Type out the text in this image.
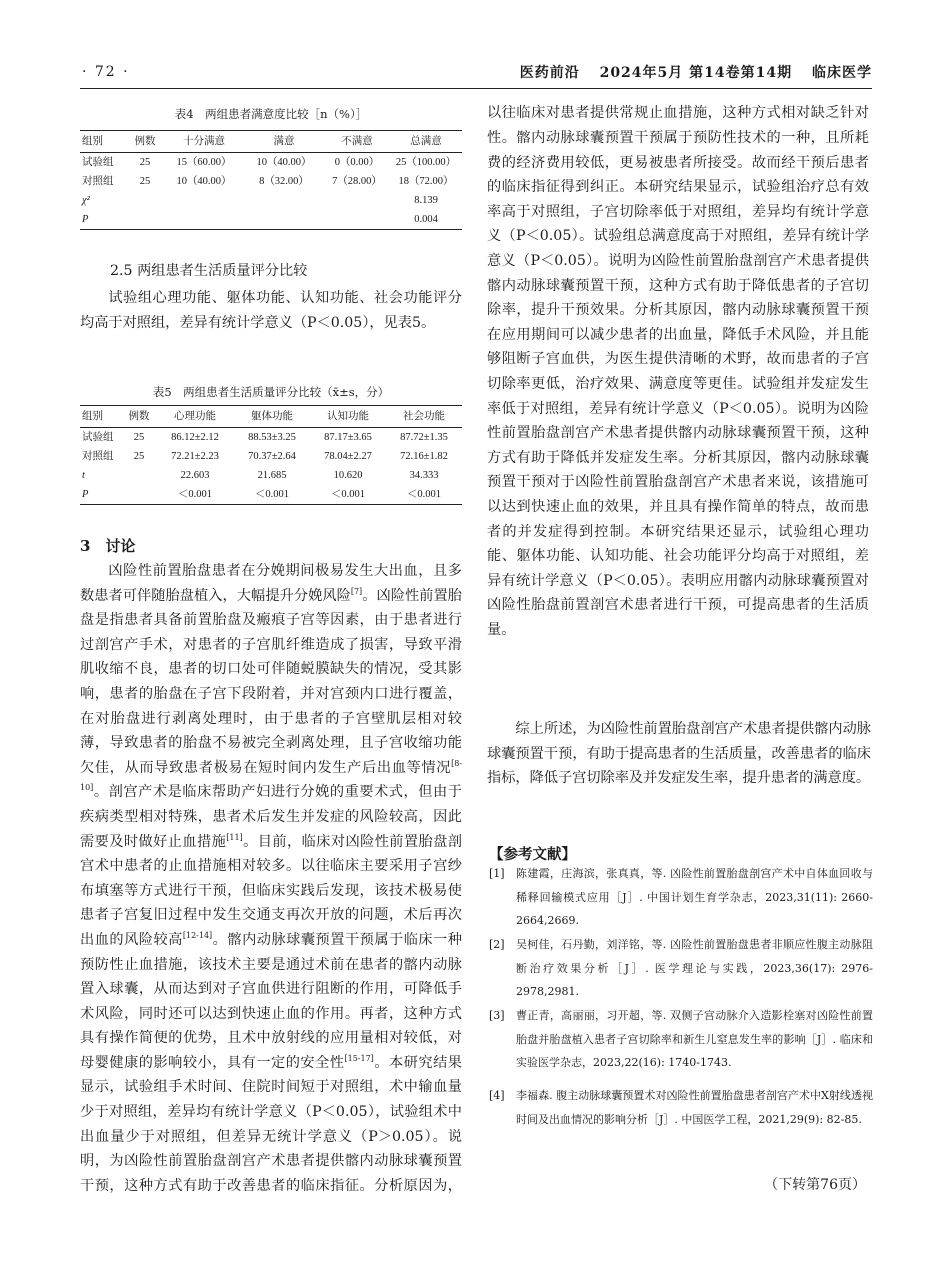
· 72 ·	医药前沿 2024年5月 第14卷第14期 临床医学
表4　两组患者满意度比较［n（%）］
组别	例数	十分满意	满意	不满意	总满意
试验组	25	15（60.00）	10（40.00）	0（0.00）	25（100.00）
对照组	25	10（40.00）	8（32.00）	7（28.00）	18（72.00）
χ²					8.139
P					0.004
2.5 两组患者生活质量评分比较

试验组心理功能、躯体功能、认知功能、社会功能评分均高于对照组，差异有统计学意义（P＜0.05），见表5。

表5　两组患者生活质量评分比较（x̄±s，分）
组别	例数	心理功能	躯体功能	认知功能	社会功能
试验组	25	86.12±2.12	88.53±3.25	87.17±3.65	87.72±1.35
对照组	25	72.21±2.23	70.37±2.64	78.04±2.27	72.16±1.82
t		22.603	21.685	10.620	34.333
P		＜0.001	＜0.001	＜0.001	＜0.001
3　讨论

凶险性前置胎盘患者在分娩期间极易发生大出血，且多数患者可伴随胎盘植入，大幅提升分娩风险[7]。凶险性前置胎盘是指患者具备前置胎盘及瘢痕子宫等因素，由于患者进行过剖宫产手术，对患者的子宫肌纤维造成了损害，导致平滑肌收缩不良，患者的切口处可伴随蜕膜缺失的情况，受其影响，患者的胎盘在子宫下段附着，并对宫颈内口进行覆盖，在对胎盘进行剥离处理时，由于患者的子宫壁肌层相对较薄，导致患者的胎盘不易被完全剥离处理，且子宫收缩功能欠佳，从而导致患者极易在短时间内发生产后出血等情况[8-10]。剖宫产术是临床帮助产妇进行分娩的重要术式，但由于疾病类型相对特殊，患者术后发生并发症的风险较高，因此需要及时做好止血措施[11]。目前，临床对凶险性前置胎盘剖宫术中患者的止血措施相对较多。以往临床主要采用子宫纱布填塞等方式进行干预，但临床实践后发现，该技术极易使患者子宫复旧过程中发生交通支再次开放的问题，术后再次出血的风险较高[12-14]。髂内动脉球囊预置干预属于临床一种预防性止血措施，该技术主要是通过术前在患者的髂内动脉置入球囊，从而达到对子宫血供进行阻断的作用，可降低手术风险，同时还可以达到快速止血的作用。再者，这种方式具有操作简便的优势，且术中放射线的应用量相对较低，对母婴健康的影响较小，具有一定的安全性[15-17]。本研究结果显示，试验组手术时间、住院时间短于对照组，术中输血量少于对照组，差异均有统计学意义（P＜0.05），试验组术中出血量少于对照组，但差异无统计学意义（P＞0.05）。说明，为凶险性前置胎盘剖宫产术患者提供髂内动脉球囊预置干预，这种方式有助于改善患者的临床指征。分析原因为，

以往临床对患者提供常规止血措施，这种方式相对缺乏针对性。髂内动脉球囊预置干预属于预防性技术的一种，且所耗费的经济费用较低，更易被患者所接受。故而经干预后患者的临床指征得到纠正。本研究结果显示，试验组治疗总有效率高于对照组，子宫切除率低于对照组，差异均有统计学意义（P＜0.05）。试验组总满意度高于对照组，差异有统计学意义（P＜0.05）。说明为凶险性前置胎盘剖宫产术患者提供髂内动脉球囊预置干预，这种方式有助于降低患者的子宫切除率，提升干预效果。分析其原因，髂内动脉球囊预置干预在应用期间可以减少患者的出血量，降低手术风险，并且能够阻断子宫血供，为医生提供清晰的术野，故而患者的子宫切除率更低，治疗效果、满意度等更佳。试验组并发症发生率低于对照组，差异有统计学意义（P＜0.05）。说明为凶险性前置胎盘剖宫产术患者提供髂内动脉球囊预置干预，这种方式有助于降低并发症发生率。分析其原因，髂内动脉球囊预置干预对于凶险性前置胎盘剖宫产术患者来说，该措施可以达到快速止血的效果，并且具有操作简单的特点，故而患者的并发症得到控制。本研究结果还显示，试验组心理功能、躯体功能、认知功能、社会功能评分均高于对照组，差异有统计学意义（P＜0.05）。表明应用髂内动脉球囊预置对凶险性胎盘前置剖宫术患者进行干预，可提高患者的生活质量。

综上所述，为凶险性前置胎盘剖宫产术患者提供髂内动脉球囊预置干预，有助于提高患者的生活质量，改善患者的临床指标，降低子宫切除率及并发症发生率，提升患者的满意度。

【参考文献】
[1] 陈建霞，庄海滨，张真真，等. 凶险性前置胎盘剖宫产术中自体血回收与稀释回输模式应用［J］. 中国计划生育学杂志，2023,31(11): 2660-2664,2669.
[2] 吴柯佳，石丹勤，刘洋铭，等. 凶险性前置胎盘患者非顺应性腹主动脉阻断治疗效果分析［J］. 医学理论与实践，2023,36(17): 2976-2978,2981.
[3] 曹正青，高丽丽，习开超，等. 双侧子宫动脉介入造影栓塞对凶险性前置胎盘并胎盘植入患者子宫切除率和新生儿窒息发生率的影响［J］. 临床和实验医学杂志，2023,22(16): 1740-1743.
[4] 李福森. 腹主动脉球囊预置术对凶险性前置胎盘患者剖宫产术中X射线透视时间及出血情况的影响分析［J］. 中国医学工程，2021,29(9): 82-85.
（下转第76页）
